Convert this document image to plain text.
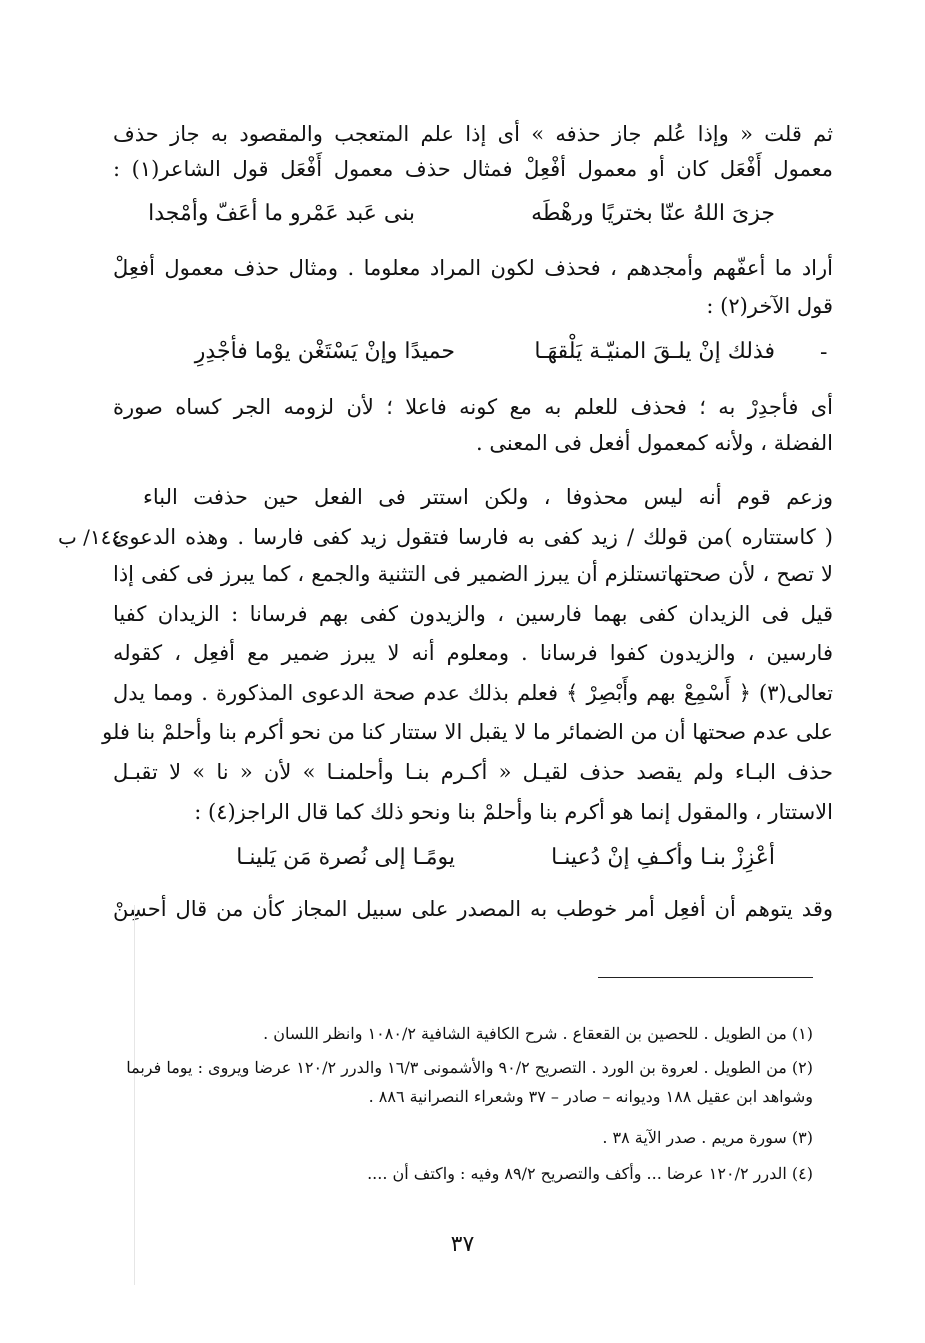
ثم قلت « وإذا عُلم جاز حذفه » أى إذا علم المتعجب والمقصود به جاز حذف
معمول أَفْعَل كان أو معمول أفْعِلْ فمثال حذف معمول أَفْعَل قول الشاعر(١) :
جزىَ اللهُ عنّا بختريًا ورهْطَه
بنى عَبد عَمْرو ما أعَفّ وأمْجدا
أراد ما أعفّهم وأمجدهم ، فحذف لكون المراد معلوما . ومثال حذف معمول أفعِلْ
قول الآخر(٢) :
-
فذلك إنْ يلـقَ المنيّـة يَلْقهَـا
حميدًا وإنْ يَسْتَغْن يوْما فأجْدِرِ
أى فأجدِرْ به ؛ فحذف للعلم به مع كونه فاعلا ؛ لأن لزومه الجر كساه صورة
الفضلة ، ولأنه كمعمول أفعل فى المعنى .
وزعم قوم أنه ليس محذوفا ، ولكن استتر فى الفعل حين حذفت الباء
( كاستتاره )من قولك / زيد كفى به فارسا فتقول زيد كفى فارسا . وهذه الدعوى
١٤٤/ ب
لا تصح ، لأن صحتهاتستلزم أن يبرز الضمير فى التثنية والجمع ، كما يبرز فى كفى إذا
قيل فى الزيدان كفى بهما فارسين ، والزيدون كفى بهم فرسانا : الزيدان كفيا
فارسين ، والزيدون كفوا فرسانا . ومعلوم أنه لا يبرز ضمير مع أفعِل ، كقوله
تعالى(٣) ﴿ أَسْمِعْ بهم وأَبْصِرْ ﴾ فعلم بذلك عدم صحة الدعوى المذكورة . ومما يدل
على عدم صحتها أن من الضمائر ما لا يقبل الا ستتار كنا من نحو أكرم بنا وأحلمْ بنا فلو
حذف البـاء ولم يقصد حذف لقيـل « أكـرم بنـا وأحلمنـا » لأن « نا » لا تقبـل
الاستتار ، والمقول إنما هو أكرم بنا وأحلمْ بنا ونحو ذلك كما قال الراجز(٤) :
أعْزِزْ بنـا وأكـفِ إنْ دُعينـا
يومًـا إلى نُصرة مَن يَلينـا
وقد يتوهم أن أفعِل أمر خوطب به المصدر على سبيل المجاز كأن من قال أحسِنْ
(١) من الطويل . للحصين بن القعقاع . شرح الكافية الشافية ١٠٨٠/٢ وانظر اللسان .
(٢) من الطويل . لعروة بن الورد . التصريح ٩٠/٢ والأشمونى ١٦/٣ والدرر ١٢٠/٢ عرضا ويروى : يوما فربما
وشواهد ابن عقيل ١٨٨ وديوانه – صادر – ٣٧ وشعراء النصرانية ٨٨٦ .
(٣) سورة مريم . صدر الآية ٣٨ .
(٤) الدرر ١٢٠/٢ عرضا ... وأكف والتصريح ٨٩/٢ وفيه : واكتف أن ....
٣٧
